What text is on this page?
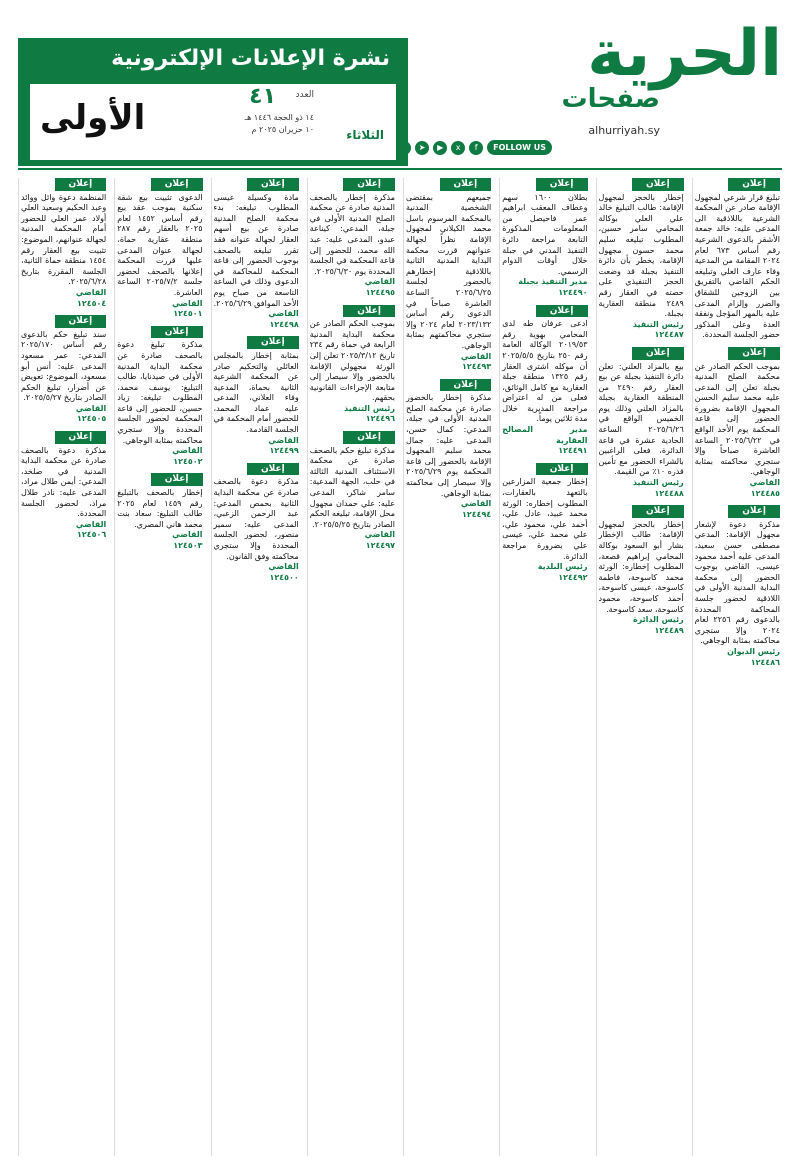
الحرية
صفحات
alhurriyah.sy
FOLLOW US
f
x
▶
➤
نشرة الإعلانات الإلكترونية
الأولى
٤١ العدد
١٤ ذو الحجة ١٤٤٦ هـ
١٠ حزيران ٢٠٢٥ م	الثلاثاء
إعلان
تبليغ قرار شرعي لمجهول الإقامة صادر عن المحكمة الشرعية باللاذقية الى المدعى عليه: خالد جمعة الأشقر بالدعوى الشرعية رقم أساس ٦٧٣ لعام ٢٠٢٤ المقامة من المدعية وفاء عارف العلي وتبليغه الحكم القاضي بالتفريق بين الزوجين للشقاق والضرر وإلزام المدعى عليه بالمهر المؤجل ونفقة العدة وعلى المذكور حضور الجلسة المحددة.
إعلان
بموجب الحكم الصادر عن محكمة الصلح المدنية بجبلة تعلن إلى المدعى عليه محمد سليم الحسن المجهول الإقامة بضرورة الحضور إلى قاعة المحكمة يوم الأحد الواقع في ٢٠٢٥/٦/٢٢ الساعة العاشرة صباحاً وإلا ستجري محاكمته بمثابة الوجاهي.
القاضي
١٢٤٤٨٥
إعلان
مذكرة دعوة لإشعار مجهول الإقامة: المدعي مصطفى حسن سعيد، المدعى عليه أحمد محمود عيسى، القاضي بوجوب الحضور إلى محكمة البداية المدنية الأولى في اللاذقية لحضور جلسة المحاكمة المحددة بالدعوى رقم ٢٢٥٦ لعام ٢٠٢٤ وإلا ستجري محاكمته بمثابة الوجاهي.
رئيس الديوان
١٢٤٤٨٦
إعلان
إخطار بالحجز لمجهول الإقامة: طالب التبليغ خالد علي العلي بوكالة المحامي سامر حسين، المطلوب تبليغه سليم محمد حسون مجهول الإقامة، يخطر بأن دائرة التنفيذ بجبلة قد وضعت الحجز التنفيذي على حصته في العقار رقم ٢٤٨٩ منطقة العقارية بجبلة.
رئيس التنفيذ
١٢٤٤٨٧
إعلان
بيع بالمزاد العلني: تعلن دائرة التنفيذ بجبلة عن بيع العقار رقم ٢٤٩٠ من المنطقة العقارية بجبلة بالمزاد العلني وذلك يوم الخميس الواقع في ٢٠٢٥/٦/٢٦ الساعة الحادية عشرة في قاعة الدائرة، فعلى الراغبين بالشراء الحضور مع تأمين قدره ١٠٪ من القيمة.
رئيس التنفيذ
١٢٤٤٨٨
إعلان
إخطار بالحجز لمجهول الإقامة: طالب الإخطار بشار أبو السعود بوكالة المحامي إبراهيم قصعة، المطلوب إخطاره: الورثة محمد كاسوحة، فاطمة كاسوحة، عيسى كاسوحة، أحمد كاسوحة، محمود كاسوحة، سعد كاسوحة.
رئيس الدائرة
١٢٤٤٨٩
إعلان
بطلان ١٦٠٠ سهم وعطاف المعقب ابراهيم عمر فاحيصل من المعلومات المذكورة التابعة مراجعة دائرة التنفيذ المدني في جبلة خلال أوقات الدوام الرسمي.
مدير التنفيذ بجبلة
١٢٤٤٩٠
إعلان
ادعى عرفان طه لدى المحامي بهوية رقم ٢٠١٩/٥٣ الوكالة العامة رقم ٢٥٠ بتاريخ ٢٠٢٥/٥/٥ أن موكله اشترى العقار رقم ١٣٢٥ منطقة جبلة العقارية مع كامل الوثائق، فعلى من له اعتراض مراجعة المديرية خلال مدة ثلاثين يوماً.
مدير المصالح العقارية
١٢٤٤٩١
إعلان
إخطار جمعية المزارعين بالتعهد بالعقارات، المطلوب إخطاره: الورثة محمد عبيد، عادل علي، أحمد علي، محمود علي، علي محمد علي، عيسى علي بضرورة مراجعة الدائرة.
رئيس البلدية
١٢٤٤٩٢
إعلان
جميعهم بمقتضى الشخصية المدنية بالمحكمة المرسوم باسل محمد الكيلاني لمجهول الإقامة نظراً لجهالة عنوانهم قررت محكمة البداية المدنية الثانية باللاذقية إخطارهم بالحضور لجلسة ٢٠٢٥/٦/٢٥ الساعة العاشرة صباحاً في الدعوى رقم أساس ٢٠٢٣/١٣٢ لعام ٢٠٢٤ وإلا ستجري محاكمتهم بمثابة الوجاهي.
القاضي
١٢٤٤٩٣
إعلان
مذكرة إخطار بالحضور صادرة عن محكمة الصلح المدنية الأولى في جبلة، المدعي: كمال حسن، المدعى عليه: جمال محمد سليم المجهول الإقامة بالحضور إلى قاعة المحكمة يوم ٢٠٢٥/٦/٢٩ وإلا سيصار إلى محاكمته بمثابة الوجاهي.
القاضي
١٢٤٤٩٤
إعلان
مذكرة إخطار بالصحف المدنية صادرة عن محكمة الصلح المدنية الأولى في جبلة، المدعي: كيناعة عبدو، المدعى عليه: عبد الله محمد، للحضور إلى قاعة المحكمة في الجلسة المحددة يوم ٢٠٢٥/٦/٣٠.
القاضي
١٢٤٤٩٥
إعلان
بموجب الحكم الصادر عن محكمة البداية المدنية الرابعة في حماة رقم ٢٣٤ تاريخ ٢٠٢٥/٣/١٢ تعلن إلى الورثة مجهولي الإقامة بالحضور وإلا سيصار إلى متابعة الإجراءات القانونية بحقهم.
رئيس التنفيذ
١٢٤٤٩٦
إعلان
مذكرة تبليغ حكم بالصحف صادرة عن محكمة الاستئناف المدنية الثالثة في حلب، الجهة المدعية: سامر شاكر، المدعى عليه: علي حمدان مجهول محل الإقامة، تبليغه الحكم الصادر بتاريخ ٢٠٢٥/٥/٢٥.
القاضي
١٢٤٤٩٧
إعلان
مادة وكسيلة عيسى المطلوب تبليغه: بدء محكمة الصلح المدنية صادرة عن بيع أسهم العقار لجهالة عنوانه فقد تقرر تبليغه بالصحف بوجوب الحضور إلى قاعة المحكمة للمحاكمة في الدعوى وذلك في الساعة التاسعة من صباح يوم الأحد الموافق ٢٠٢٥/٦/٢٩.
القاضي
١٢٤٤٩٨
إعلان
بمثابة إخطار بالمجلس العائلي والتحكيم صادر عن المحكمة الشرعية الثانية بحماة، المدعية وفاء العلاني، المدعى عليه عماد المحمد، للحضور أمام المحكمة في الجلسة القادمة.
القاضي
١٢٤٤٩٩
إعلان
مذكرة دعوة بالصحف صادرة عن محكمة البداية الثانية بحمص المدعي: عبد الرحمن الزعبي، المدعى عليه: سمير منصور، لحضور الجلسة المحددة وإلا ستجري محاكمته وفق القانون.
القاضي
١٢٤٥٠٠
إعلان
الدعوى تثبيت بيع شقة سكنية بموجب عقد بيع رقم أساس ١٤٥٢ لعام ٢٠٢٥ بالعقار رقم ٢٨٧ منطقة عقارية حماة، لجهالة عنوان المدعى عليها قررت المحكمة إعلانها بالصحف لحضور جلسة ٢٠٢٥/٧/٢ الساعة العاشرة.
القاضي
١٢٤٥٠١
إعلان
مذكرة تبليغ دعوة بالصحف صادرة عن محكمة البداية المدنية الأولى في صيدنايا، طالب التبليغ: يوسف محمد، المطلوب تبليغه: زياد حسين، للحضور إلى قاعة المحكمة لحضور الجلسة المحددة وإلا ستجري محاكمته بمثابة الوجاهي.
القاضي
١٢٤٥٠٢
إعلان
إخطار بالصحف بالتبليغ رقم ١٤٥٩ لعام ٢٠٢٥ طالب التبليغ: سعاد بنت محمد هاني المصري.
القاضي
١٢٤٥٠٣
إعلان
المنظمة دعوة وائل ووائد وعبد الحكيم وسعيد العلي أولاد عمر العلي للحضور أمام المحكمة المدنية لجهالة عنوانهم، الموضوع: تثبيت بيع العقار رقم ١٤٥٤ منطقة حماة الثانية، الجلسة المقررة بتاريخ ٢٠٢٥/٦/٢٨.
القاضي
١٢٤٥٠٤
إعلان
سند تبليغ حكم بالدعوى رقم أساس ٢٠٢٥/١٧٠ المدعي: عمر مسعود المدعى عليه: أنس أبو مسعود، الموضوع: تعويض عن أضرار، تبليغ الحكم الصادر بتاريخ ٢٠٢٥/٥/٢٧.
القاضي
١٢٤٥٠٥
إعلان
مذكرة دعوة بالصحف صادرة عن محكمة البداية المدنية في صلخد، المدعي: أيمن طلال مراد، المدعى عليه: نادر طلال مراد، لحضور الجلسة المحددة.
القاضي
١٢٤٥٠٦
